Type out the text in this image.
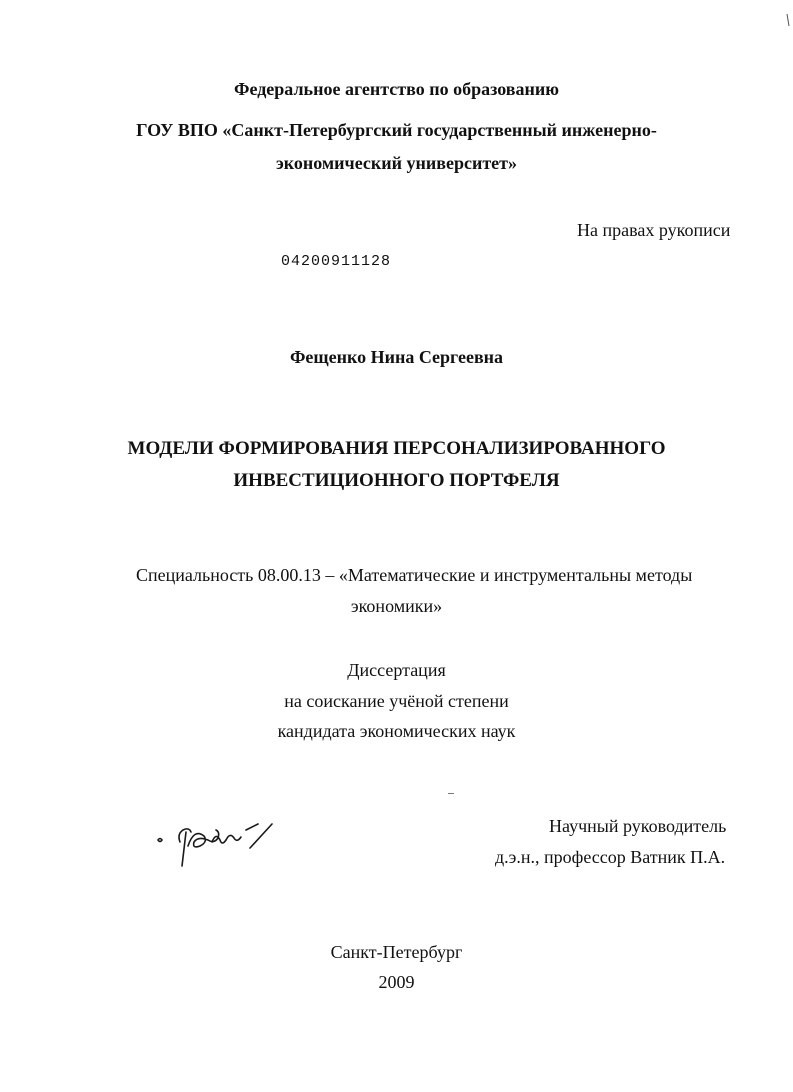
Федеральное агентство по образованию
ГОУ ВПО «Санкт-Петербургский государственный инженерно-
экономический университет»
На правах рукописи
04200911128
Фещенко Нина Сергеевна
МОДЕЛИ ФОРМИРОВАНИЯ ПЕРСОНАЛИЗИРОВАННОГО
ИНВЕСТИЦИОННОГО ПОРТФЕЛЯ
Специальность 08.00.13 – «Математические и инструментальны методы
экономики»
Диссертация
на соискание учёной степени
кандидата экономических наук
Научный руководитель
д.э.н., профессор Ватник П.А.
Санкт-Петербург
2009
